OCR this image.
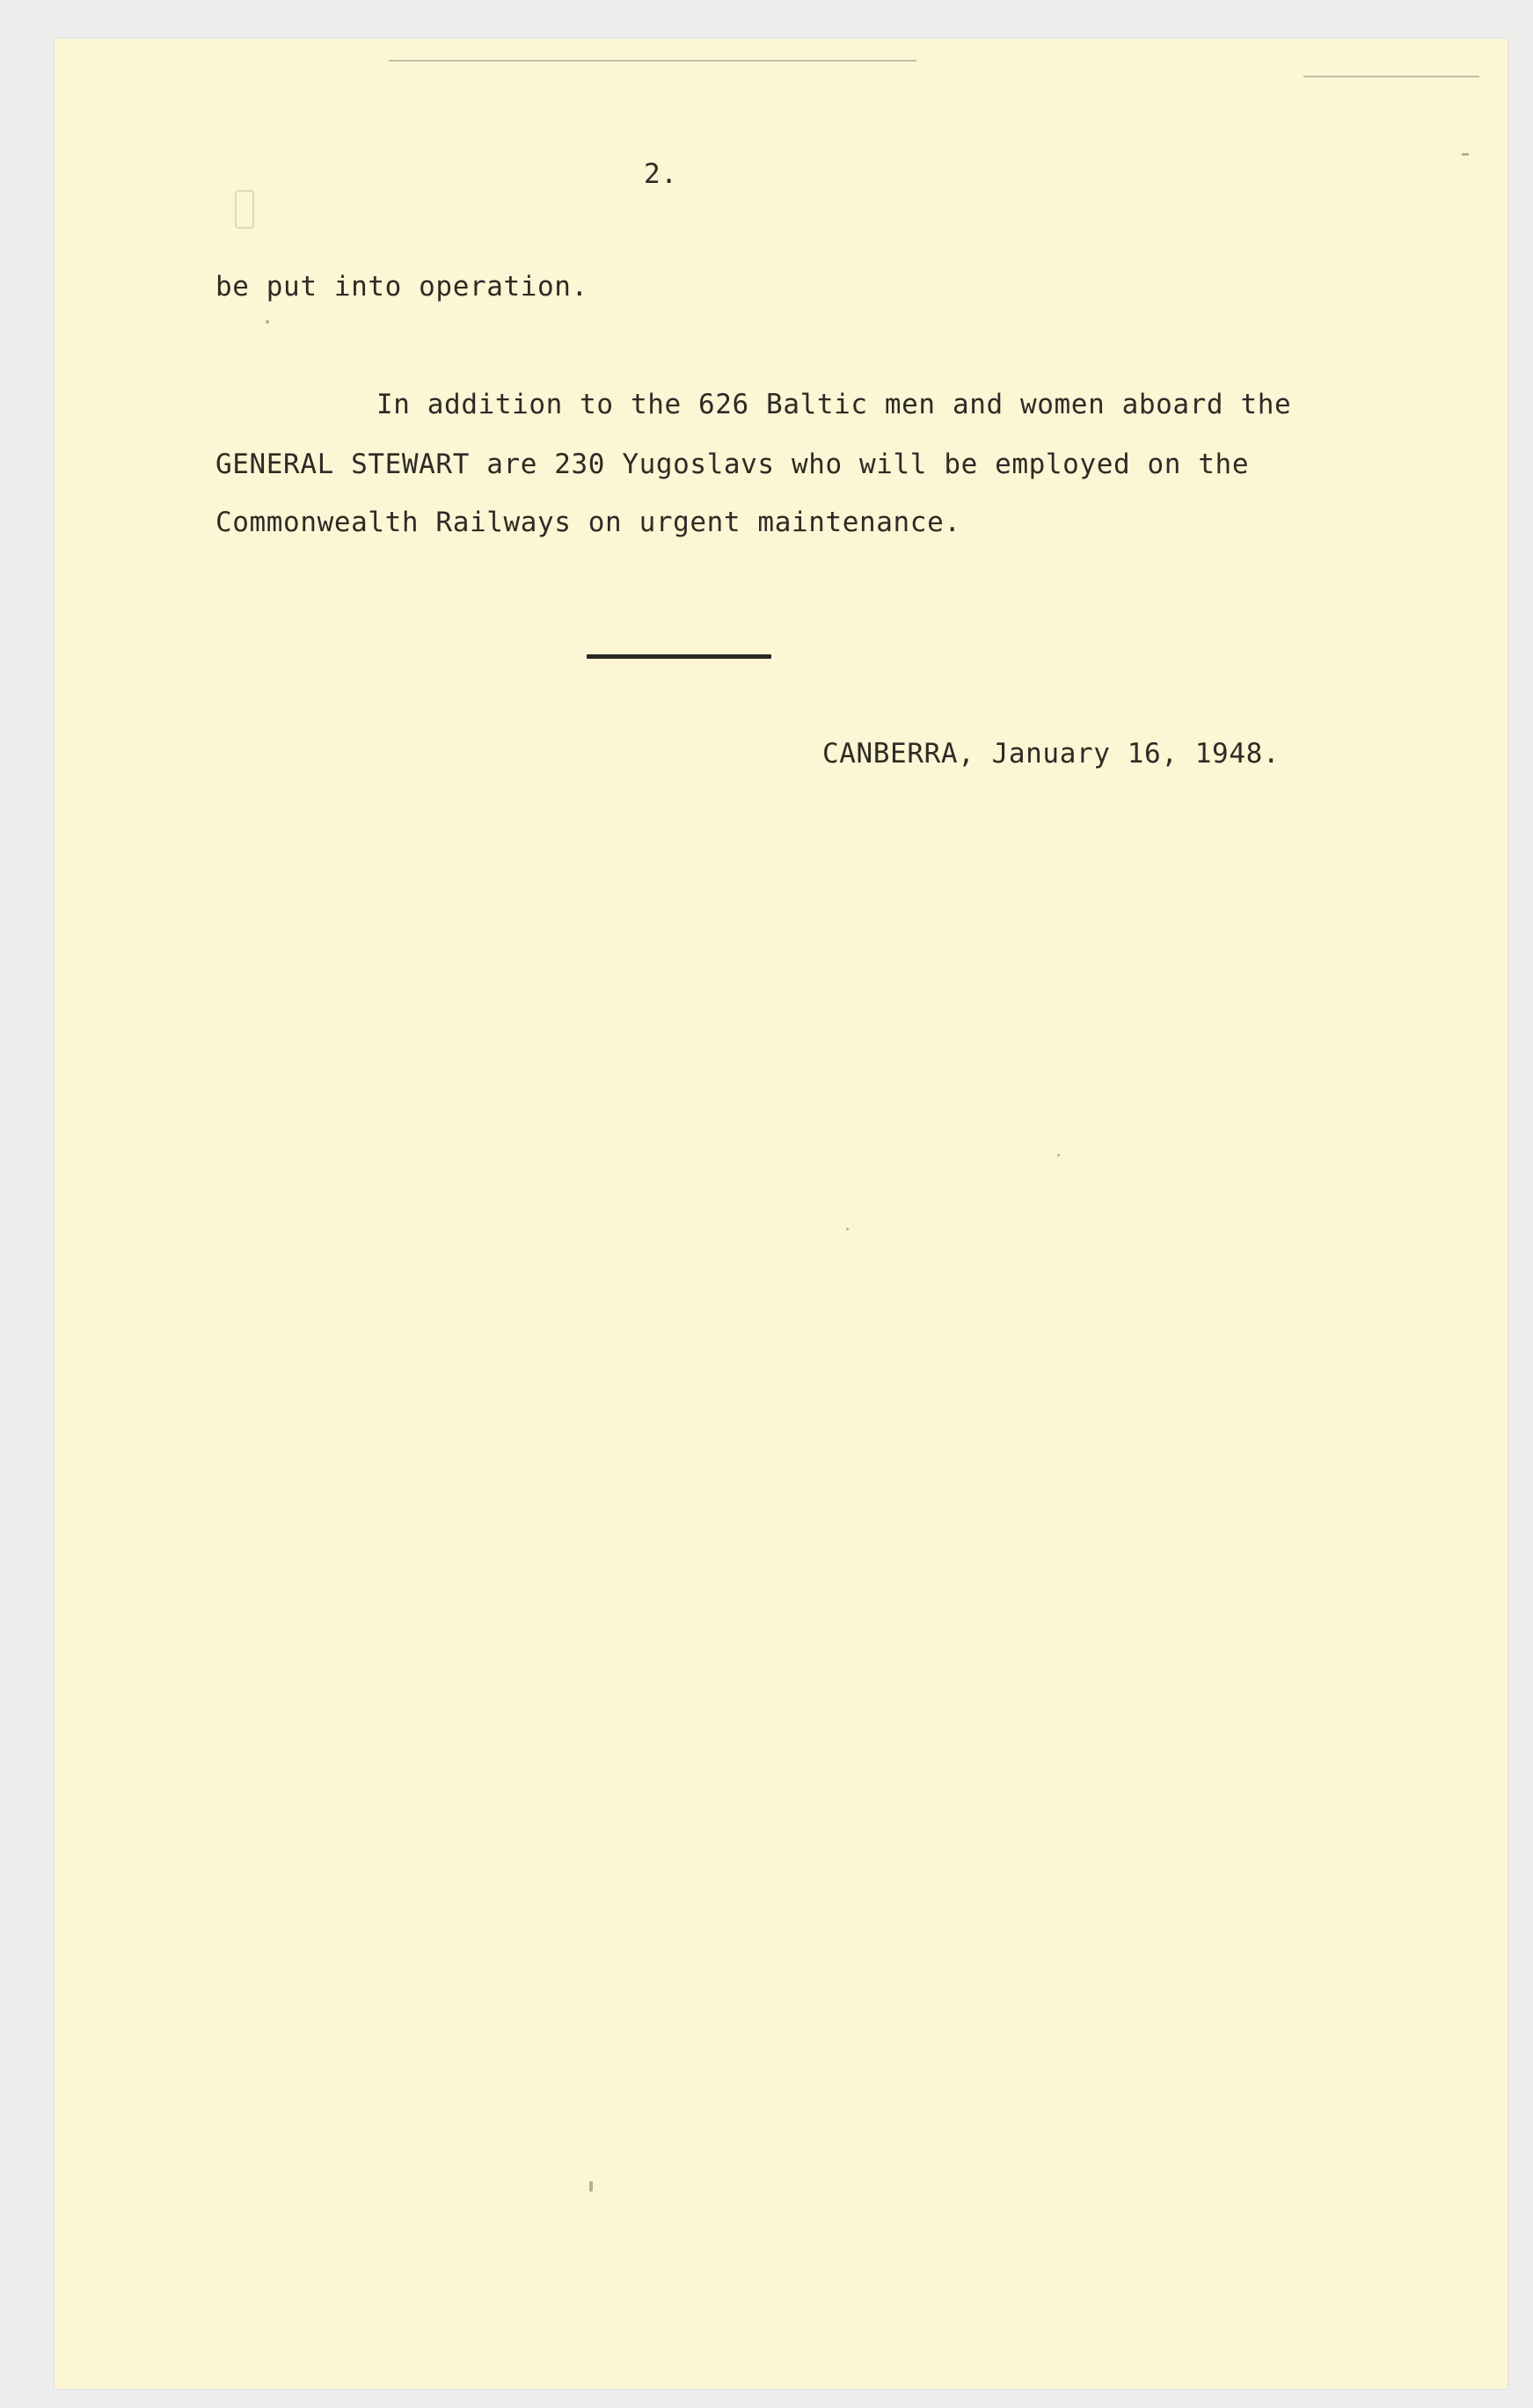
2.
be put into operation.
In addition to the 626 Baltic men and women aboard the
GENERAL STEWART are 230 Yugoslavs who will be employed on the
Commonwealth Railways on urgent maintenance.
CANBERRA, January 16, 1948.
